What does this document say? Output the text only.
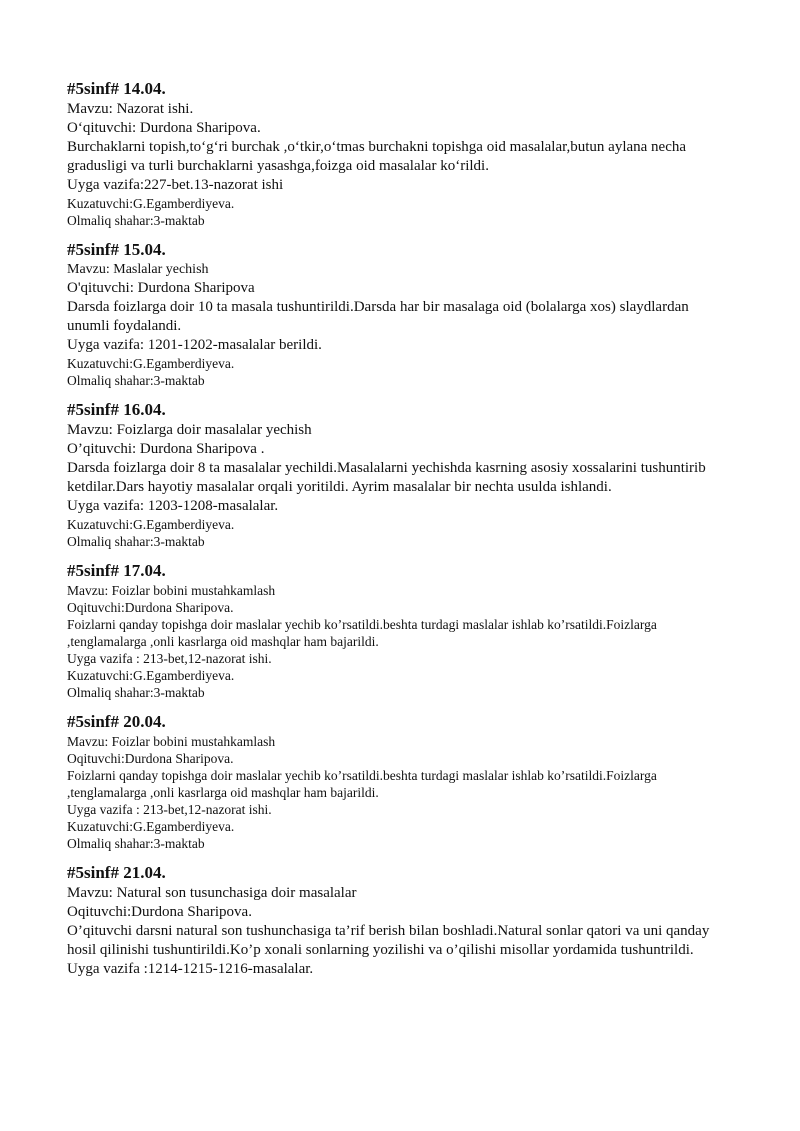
#5sinf# 14.04.

Mavzu: Nazorat ishi.

O‘qituvchi: Durdona Sharipova.

Burchaklarni topish,to‘g‘ri burchak ,o‘tkir,o‘tmas burchakni topishga oid masalalar,butun aylana necha gradusligi va turli burchaklarni yasashga,foizga oid masalalar ko‘rildi.

Uyga vazifa:227-bet.13-nazorat ishi

Kuzatuvchi:G.Egamberdiyeva.

Olmaliq shahar:3-maktab

#5sinf# 15.04.

Mavzu: Maslalar yechish

O'qituvchi: Durdona Sharipova

Darsda foizlarga doir 10 ta masala tushuntirildi.Darsda har bir masalaga oid (bolalarga xos) slaydlardan unumli foydalandi.

Uyga vazifa: 1201-1202-masalalar berildi.

Kuzatuvchi:G.Egamberdiyeva.

Olmaliq shahar:3-maktab

#5sinf# 16.04.

Mavzu: Foizlarga doir masalalar yechish

O’qituvchi: Durdona Sharipova .

Darsda foizlarga doir 8 ta masalalar yechildi.Masalalarni yechishda kasrning asosiy xossalarini tushuntirib ketdilar.Dars hayotiy masalalar orqali yoritildi. Ayrim masalalar bir nechta usulda ishlandi.

Uyga vazifa: 1203-1208-masalalar.

Kuzatuvchi:G.Egamberdiyeva.

Olmaliq shahar:3-maktab

#5sinf# 17.04.

Mavzu: Foizlar bobini mustahkamlash

Oqituvchi:Durdona Sharipova.

Foizlarni qanday topishga doir maslalar yechib ko’rsatildi.beshta turdagi maslalar ishlab ko’rsatildi.Foizlarga ,tenglamalarga ,onli kasrlarga oid mashqlar ham bajarildi.

Uyga vazifa : 213-bet,12-nazorat ishi.

Kuzatuvchi:G.Egamberdiyeva.

Olmaliq shahar:3-maktab

#5sinf# 20.04.

Mavzu: Foizlar bobini mustahkamlash

Oqituvchi:Durdona Sharipova.

Foizlarni qanday topishga doir maslalar yechib ko’rsatildi.beshta turdagi maslalar ishlab ko’rsatildi.Foizlarga ,tenglamalarga ,onli kasrlarga oid mashqlar ham bajarildi.

Uyga vazifa : 213-bet,12-nazorat ishi.

Kuzatuvchi:G.Egamberdiyeva.

Olmaliq shahar:3-maktab

#5sinf# 21.04.

Mavzu: Natural son tusunchasiga doir masalalar

Oqituvchi:Durdona Sharipova.

O’qituvchi darsni natural son tushunchasiga ta’rif berish bilan boshladi.Natural sonlar qatori va uni qanday hosil qilinishi tushuntirildi.Ko’p xonali sonlarning yozilishi va o’qilishi misollar yordamida tushuntrildi.

Uyga vazifa :1214-1215-1216-masalalar.
